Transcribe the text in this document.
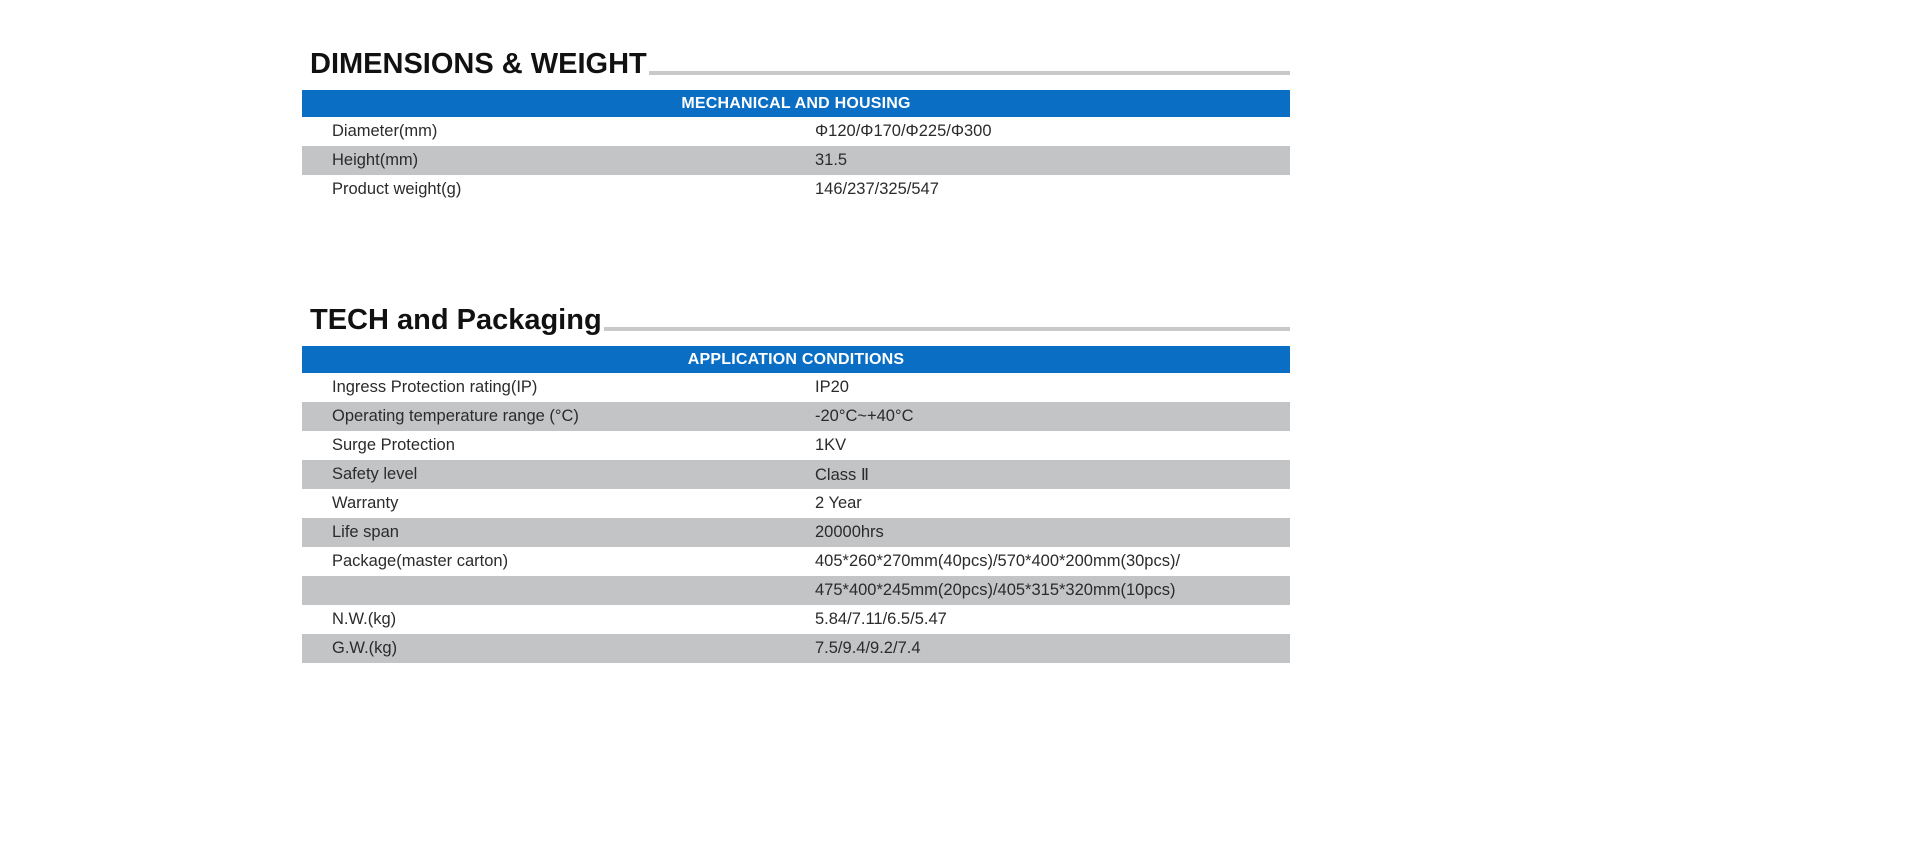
DIMENSIONS & WEIGHT
MECHANICAL AND HOUSING	
Diameter(mm)	Φ120/Φ170/Φ225/Φ300
Height(mm)	31.5
Product weight(g)	146/237/325/547
TECH and Packaging
APPLICATION CONDITIONS	
Ingress Protection rating(IP)	IP20
Operating temperature range (°C)	-20°C~+40°C
Surge Protection	1KV
Safety level	Class Ⅱ
Warranty	2 Year
Life span	20000hrs
Package(master carton)	405*260*270mm(40pcs)/570*400*200mm(30pcs)/
	475*400*245mm(20pcs)/405*315*320mm(10pcs)
N.W.(kg)	5.84/7.11/6.5/5.47
G.W.(kg)	7.5/9.4/9.2/7.4
